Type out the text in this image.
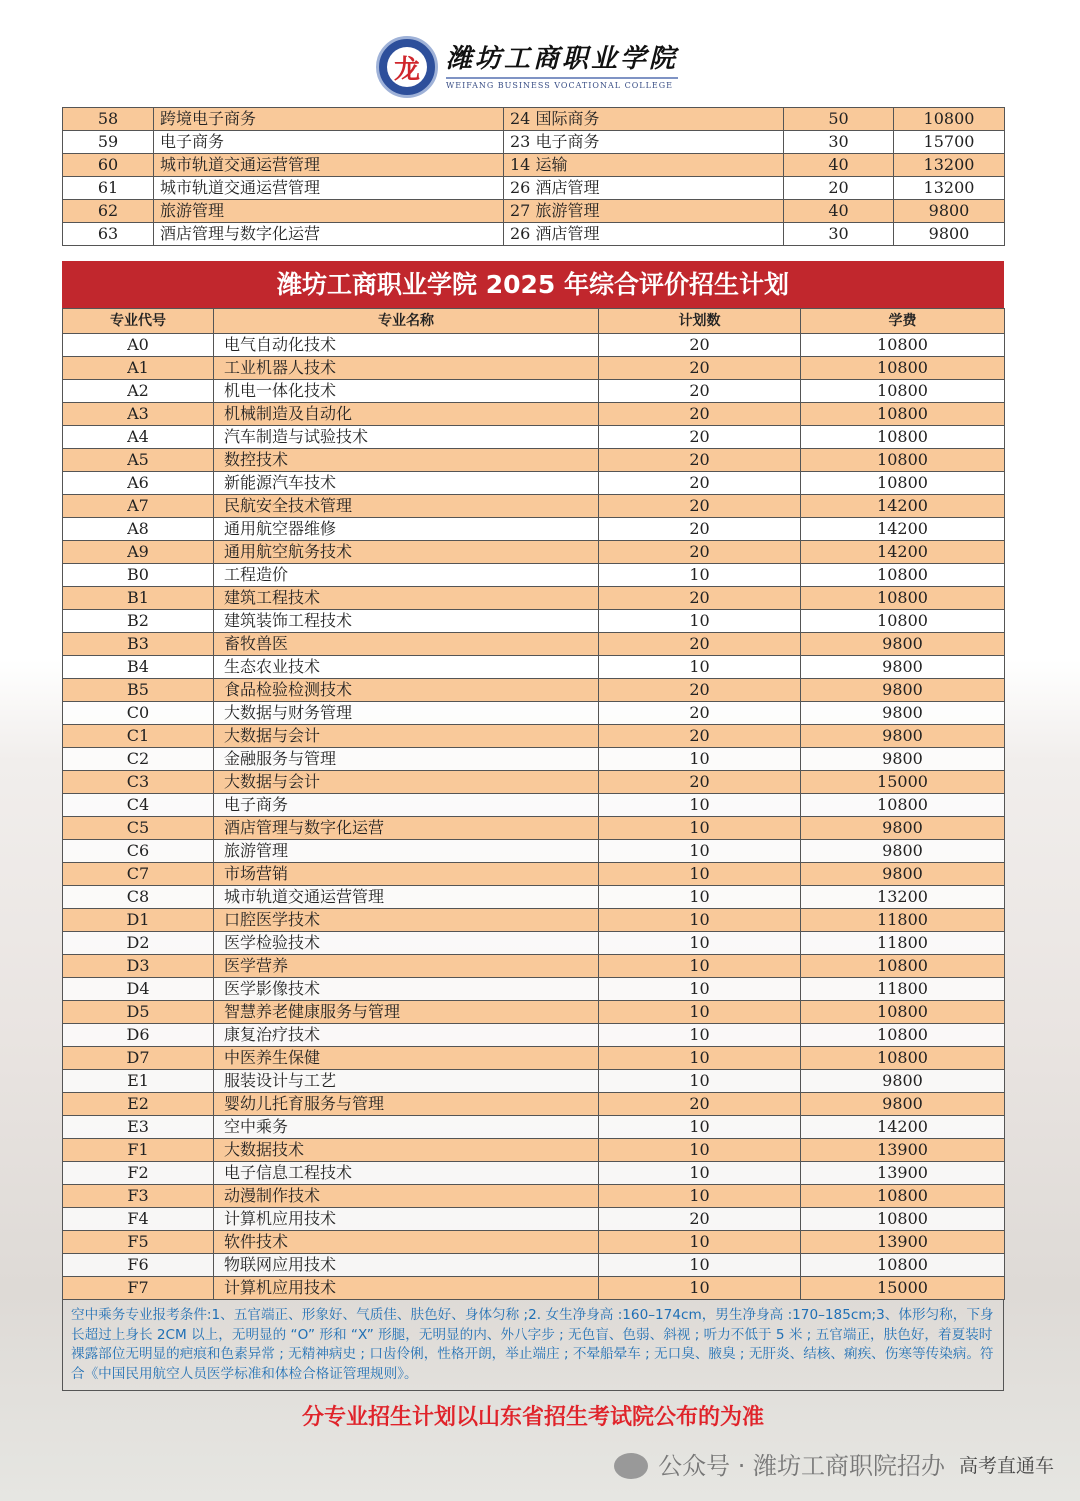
龙 潍坊工商职业学院
WEIFANG BUSINESS VOCATIONAL COLLEGE
58	跨境电子商务	24 国际商务	50	10800
59	电子商务	23 电子商务	30	15700
60	城市轨道交通运营管理	14 运输	40	13200
61	城市轨道交通运营管理	26 酒店管理	20	13200
62	旅游管理	27 旅游管理	40	9800
63	酒店管理与数字化运营	26 酒店管理	30	9800
潍坊工商职业学院 2025 年综合评价招生计划
专业代号	专业名称	计划数	学费
A0	电气自动化技术	20	10800
A1	工业机器人技术	20	10800
A2	机电一体化技术	20	10800
A3	机械制造及自动化	20	10800
A4	汽车制造与试验技术	20	10800
A5	数控技术	20	10800
A6	新能源汽车技术	20	10800
A7	民航安全技术管理	20	14200
A8	通用航空器维修	20	14200
A9	通用航空航务技术	20	14200
B0	工程造价	10	10800
B1	建筑工程技术	20	10800
B2	建筑装饰工程技术	10	10800
B3	畜牧兽医	20	9800
B4	生态农业技术	10	9800
B5	食品检验检测技术	20	9800
C0	大数据与财务管理	20	9800
C1	大数据与会计	20	9800
C2	金融服务与管理	10	9800
C3	大数据与会计	20	15000
C4	电子商务	10	10800
C5	酒店管理与数字化运营	10	9800
C6	旅游管理	10	9800
C7	市场营销	10	9800
C8	城市轨道交通运营管理	10	13200
D1	口腔医学技术	10	11800
D2	医学检验技术	10	11800
D3	医学营养	10	10800
D4	医学影像技术	10	11800
D5	智慧养老健康服务与管理	10	10800
D6	康复治疗技术	10	10800
D7	中医养生保健	10	10800
E1	服装设计与工艺	10	9800
E2	婴幼儿托育服务与管理	20	9800
E3	空中乘务	10	14200
F1	大数据技术	10	13900
F2	电子信息工程技术	10	13900
F3	动漫制作技术	10	10800
F4	计算机应用技术	20	10800
F5	软件技术	10	13900
F6	物联网应用技术	10	10800
F7	计算机应用技术	10	15000
空中乘务专业报考条件:1、五官端正、形象好、气质佳、肤色好、身体匀称 ;2. 女生净身高 :160–174cm，男生净身高 :170–185cm;3、体形匀称，下身长超过上身长 2CM 以上，无明显的 “O” 形和 “X” 形腿，无明显的内、外八字步 ; 无色盲、色弱、斜视 ; 听力不低于 5 米 ; 五官端正，肤色好，着夏装时裸露部位无明显的疤痕和色素异常 ; 无精神病史 ; 口齿伶俐，性格开朗，举止端庄 ; 不晕船晕车 ; 无口臭、腋臭 ; 无肝炎、结核、痢疾、伤寒等传染病。符合《中国民用航空人员医学标准和体检合格证管理规则》。
分专业招生计划以山东省招生考试院公布的为准
公众号 · 潍坊工商职院招办 高考直通车
